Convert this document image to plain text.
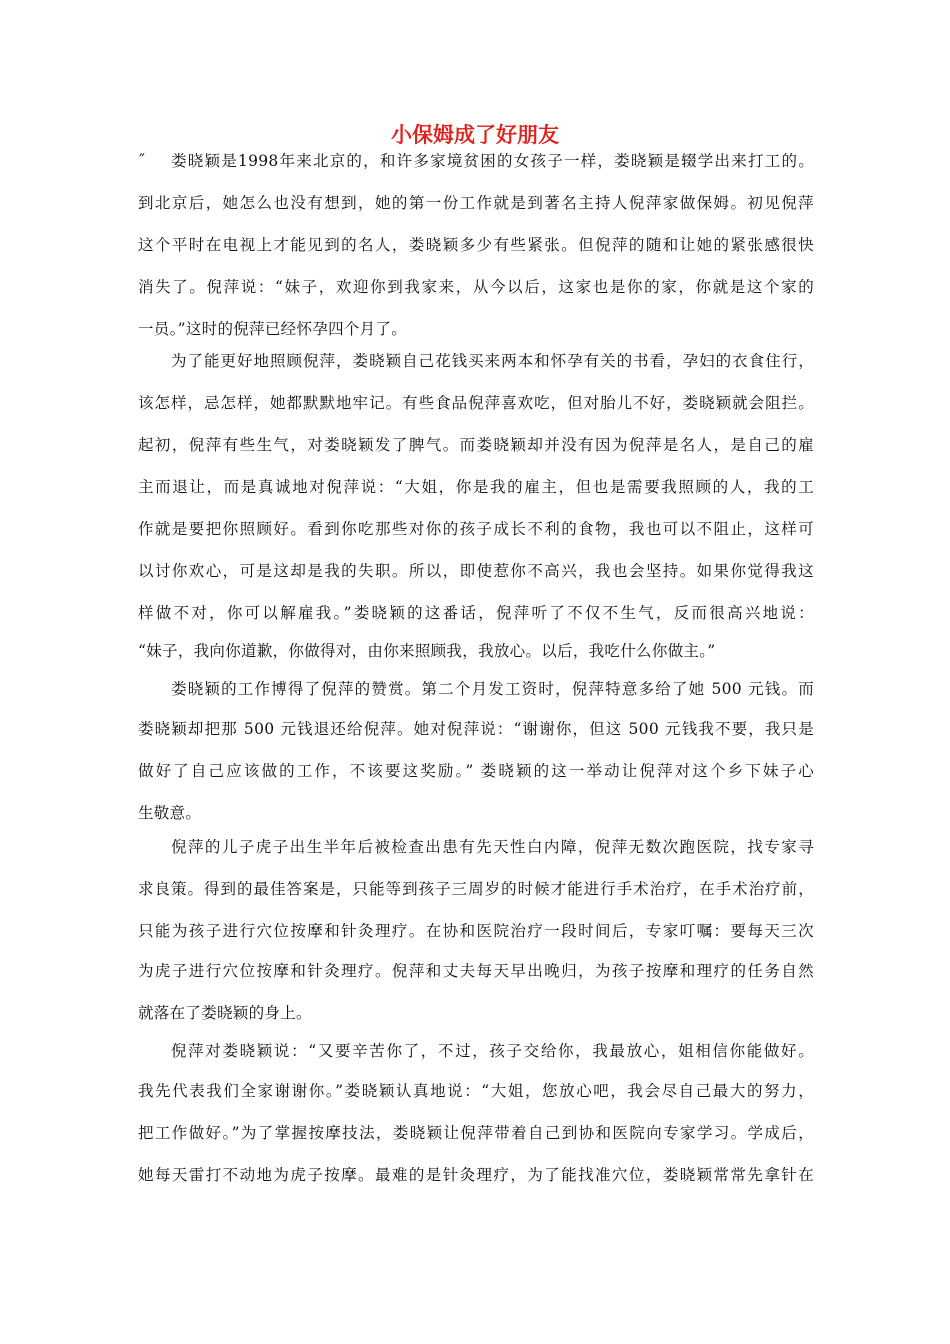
小保姆成了好朋友
″ 娄晓颖是1998年来北京的，和许多家境贫困的女孩子一样，娄晓颖是辍学出来打工的。

到北京后，她怎么也没有想到，她的第一份工作就是到著名主持人倪萍家做保姆。初见倪萍

这个平时在电视上才能见到的名人，娄晓颖多少有些紧张。但倪萍的随和让她的紧张感很快

消失了。倪萍说：“妹子，欢迎你到我家来，从今以后，这家也是你的家，你就是这个家的

一员。”这时的倪萍已经怀孕四个月了。

为了能更好地照顾倪萍，娄晓颖自己花钱买来两本和怀孕有关的书看，孕妇的衣食住行，

该怎样，忌怎样，她都默默地牢记。有些食品倪萍喜欢吃，但对胎儿不好，娄晓颖就会阻拦。

起初，倪萍有些生气，对娄晓颖发了脾气。而娄晓颖却并没有因为倪萍是名人，是自己的雇

主而退让，而是真诚地对倪萍说：“大姐，你是我的雇主，但也是需要我照顾的人，我的工

作就是要把你照顾好。看到你吃那些对你的孩子成长不利的食物，我也可以不阻止，这样可

以讨你欢心，可是这却是我的失职。所以，即使惹你不高兴，我也会坚持。如果你觉得我这

样做不对，你可以解雇我。”娄晓颖的这番话，倪萍听了不仅不生气，反而很高兴地说：

“妹子，我向你道歉，你做得对，由你来照顾我，我放心。以后，我吃什么你做主。”

娄晓颖的工作博得了倪萍的赞赏。第二个月发工资时，倪萍特意多给了她 500 元钱。而

娄晓颖却把那 500 元钱退还给倪萍。她对倪萍说：“谢谢你，但这 500 元钱我不要，我只是

做好了自己应该做的工作，不该要这奖励。” 娄晓颖的这一举动让倪萍对这个乡下妹子心

生敬意。

倪萍的儿子虎子出生半年后被检查出患有先天性白内障，倪萍无数次跑医院，找专家寻

求良策。得到的最佳答案是，只能等到孩子三周岁的时候才能进行手术治疗，在手术治疗前，

只能为孩子进行穴位按摩和针灸理疗。在协和医院治疗一段时间后，专家叮嘱：要每天三次

为虎子进行穴位按摩和针灸理疗。倪萍和丈夫每天早出晚归，为孩子按摩和理疗的任务自然

就落在了娄晓颖的身上。

倪萍对娄晓颖说：“又要辛苦你了，不过，孩子交给你，我最放心，姐相信你能做好。

我先代表我们全家谢谢你。”娄晓颖认真地说：“大姐，您放心吧，我会尽自己最大的努力，

把工作做好。”为了掌握按摩技法，娄晓颖让倪萍带着自己到协和医院向专家学习。学成后，

她每天雷打不动地为虎子按摩。最难的是针灸理疗，为了能找准穴位，娄晓颖常常先拿针在
